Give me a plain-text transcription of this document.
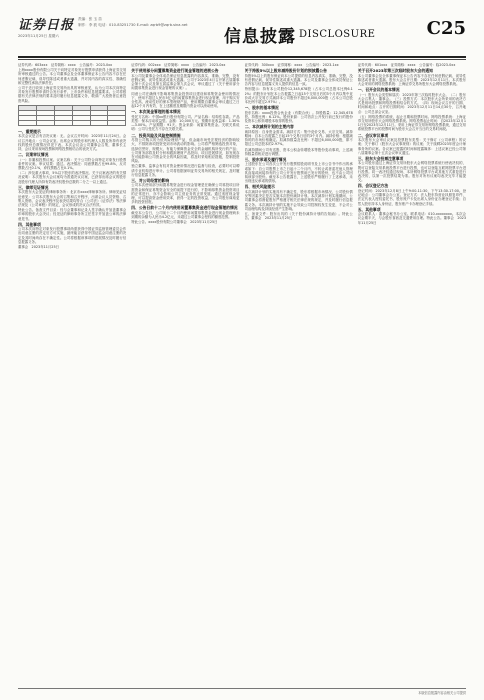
证券日报
2023年11月25日 星期六
责编：张 玉 苗
制作：李 波 电话：010-83251730 E-mail: zqrb9@zqrb.sina.net
信息披露 DISCLOSURE	C25

证券代码：603xxx　证券简称：xxxx　公告编号：2023-0xx

上海xxxx股份有限公司关于向特定对象发行股票申请获得上海证券交易所审核通过的公告。本公司董事会及全体董事保证本公告内容不存在任何虚假记载、误导性陈述或者重大遗漏，并对其内容的真实性、准确性和完整性承担法律责任。

公司于近日收到上海证券交易所出具的审核意见，认为公司本次向特定对象发行股票申请符合发行条件、上市条件和信息披露要求。公司将根据有关法律法规的要求及时履行信息披露义务，敬请广大投资者注意投资风险。

一、重要提示

本次会议是否有否决议案：无。会议召开时间：2023年11月24日。会议召开地点：公司会议室。出席会议的股东和代理人人数及所持有表决权的股份总数情况详见下表。本次会议由公司董事会召集，董事长主持，会议采用现场投票和网络投票相结合的表决方式。

二、议案审议情况

（一）非累积投票议案。议案名称：关于公司符合向特定对象发行股票条件的议案。审议结果：通过。表决情况：同意票数占比99.8%，反对票数占比0.1%，弃权票数占比0.1%。

（二）涉及重大事项，5%以下股东的表决情况。关于议案表决的有关情况说明：本次股东大会议案均为普通决议议案，已获得出席会议的股东及股东代理人所持有效表决权股份总数的二分之一以上通过。

三、律师见证情况

本次股东大会见证的律师事务所：北京市xxxx律师事务所。律师见证结论意见：公司本次股东大会的召集和召开程序、出席会议人员资格、召集人资格、会议表决程序及表决结果均符合《公司法》《证券法》等法律法规及《公司章程》的规定，会议形成的决议合法有效。

特此公告。备查文件目录：经与会董事和记录人签字确认并加盖董事会印章的股东大会决议；经见证的律师事务所主任签字并加盖公章的法律意见书。

四、其他事项

公司本次向特定对象发行股票事项尚需获得中国证券监督管理委员会作出同意注册的决定后方可实施，最终能否获得中国证监会同意注册的决定及其时间尚存在不确定性。公司将根据该事项的进展情况及时履行信息披露义务。

董事会　2023年11月25日

证券代码：002xxx　证券简称：xxxx　公告编号：2023-0xx

关于使用部分闲置募集资金进行现金管理的进展公告

本公司及董事会全体成员保证信息披露的内容真实、准确、完整，没有虚假记载、误导性陈述或重大遗漏。公司于2023年4月召开第五届董事会第十次会议及第五届监事会第九次会议，审议通过了《关于使用部分闲置募集资金进行现金管理的议案》。

同意公司在确保不影响募集资金投资项目建设和募集资金使用的情况下，使用不超过人民币5亿元的闲置募集资金进行现金管理，用于购买安全性高、流动性好的保本型理财产品，使用期限自董事会审议通过之日起12个月内有效，在上述额度及期限内资金可以滚动使用。

一、本次现金管理的基本情况

受托方名称：中国xx银行股份有限公司。产品名称：结构性存款。产品类型：保本浮动收益型。金额：10,000万元。预期年化收益率：1.30%—3.00%。产品期限：91天。资金来源：闲置募集资金。关联关系说明：公司与受托方不存在关联关系。

二、投资风险及风险控制措施

尽管公司购买的为低风险理财产品，但金融市场受宏观经济的影响较大，不排除该项投资受到市场波动的影响。公司将严格筛选投资对象，选择信誉好、规模大、有能力保障资金安全的金融机构所发行的产品；公司财务部将及时分析和跟踪理财产品投向、项目进展情况，如发现存在可能影响公司资金安全的风险因素，将及时采取相应措施，控制投资风险。

独立董事、监事会有权对资金使用情况进行监督与检查，必要时可以聘请专业机构进行审计。公司将依据深圳证券交易所的相关规定，及时履行信息披露义务。

三、对公司经营的影响

公司本次使用部分闲置募集资金进行现金管理是在确保公司募投项目所需资金和保证募集资金安全的前提下进行的，不影响募集资金投资项目的正常进行，亦不会影响公司主营业务的正常发展。通过适度现金管理，可以提高资金使用效率，获得一定的投资收益，为公司股东谋取更多的投资回报。

四、公告日前十二个月内使用闲置募集资金进行现金管理的情况

截至本公告日，公司前十二个月内使用闲置募集资金进行现金管理尚未到期的余额为人民币4.2亿元，未超过公司董事会授权的额度范围。

特此公告。xxxx股份有限公司董事会　2023年11月25日

证券代码：300xxx　证券简称：xxxx　公告编号：2023-1xx

关于持股5%以上股东减持股份计划的预披露公告

持股5%以上的股东保证向本公司提供的信息内容真实、准确、完整，没有虚假记载、误导性陈述或重大遗漏。本公司及董事会全体成员保证公告内容与信息披露义务人提供的信息一致。

特别提示：持有本公司股份12,345,678股（占本公司总股本比例6.12%）的股东计划在本公告披露之日起15个交易日后的3个月内以集中竞价或大宗交易方式减持本公司股份不超过6,000,000股（占本公司总股本比例不超过2.97%）。

一、股东的基本情况

股东名称：xxxx投资合伙企业（有限合伙）。持股数量：12,345,678股。持股比例：6.12%。股份来源：公司首次公开发行前已发行的股份及资本公积转增股本取得的股份。

二、本次减持计划的主要内容

减持原因：自身资金需求。减持方式：集中竞价交易、大宗交易。减持期间：自本公告披露之日起15个交易日后的3个月内。减持价格：根据减持时的市场价格确定。拟减持数量及比例：不超过6,000,000股，即不超过公司总股本的2.97%。

若减持期间公司有送股、资本公积金转增股本等股份变动事项，上述减持数量将相应进行调整。

三、股东承诺及履行情况

上述股东在公司首次公开发行股票招股说明书及上市公告书中作出的承诺如下：自公司股票上市之日起十二个月内，不转让或者委托他人管理其直接或间接持有的公司公开发行股票前已发行的股份，也不由公司回购该部分股份。截至本公告披露日，上述股东严格履行了上述承诺，未出现违反承诺的情形。

四、相关风险提示

本次减持计划的实施具有不确定性，股东将根据市场情况、公司股价情况等因素决定是否实施本次股份减持计划。本次减持计划实施期间，公司董事会将督促股东严格遵守相关法律法规的规定，并及时履行信息披露义务。本次减持计划的实施不会导致公司控制权发生变更，不会对公司治理结构及持续经营产生影响。

五、备查文件：股东出具的《关于股份减持计划的告知函》。特此公告。董事会　2023年11月25日

证券代码：601xxx　证券简称：xxxx　公告编号：临2023-0xx

关于召开2023年第三次临时股东大会的通知

本公司董事会及全体董事保证本公告内容不存在任何虚假记载、误导性陈述或者重大遗漏。股东大会召开日期：2023年12月11日。本次股东大会采用的网络投票系统：上海证券交易所股东大会网络投票系统。

一、召开会议的基本情况

（一）股东大会类型和届次：2023年第三次临时股东大会。（二）股东大会召集人：董事会。（三）投票方式：本次股东大会所采用的表决方式是现场投票和网络投票相结合的方式。（四）现场会议召开的日期、时间和地点：召开的日期时间：2023年12月11日14点30分，召开地点：公司总部会议室。

（五）网络投票的系统、起止日期和投票时间。网络投票系统：上海证券交易所股东大会网络投票系统。网络投票起止时间：自2023年12月11日至2023年12月11日。采用上海证券交易所网络投票系统，通过交易系统投票平台的投票时间为股东大会召开当日的交易时间段。

二、会议审议事项

本次股东大会审议议案及投票股东类型：关于修订《公司章程》的议案；关于修订《股东大会议事规则》的议案；关于续聘2023年度会计师事务所的议案。各议案已披露的时间和披露媒体：上述议案已经公司第八届董事会第十五次会议审议通过。

三、股东大会投票注意事项

本公司股东通过上海证券交易所股东大会网络投票系统行使表决权的，既可以登陆交易系统投票平台进行投票，也可以登陆互联网投票平台进行投票。同一表决权通过现场、本所网络投票平台或其他方式重复进行表决的，以第一次投票结果为准。股东对所有议案均表决完毕才能提交。

四、会议登记方法

登记时间：2023年12月8日上午9:00-11:30，下午13:30-17:00。登记地点：公司董事会办公室。登记方式：法人股东持营业执照复印件、法定代表人授权委托书、股东账户卡及出席人身份证办理登记手续；自然人股东持本人身份证、股东账户卡办理登记手续。

五、其他事项

会议联系人：董事会秘书办公室。联系电话：010-xxxxxxxx。本次会议会期半天，与会股东食宿及交通费用自理。特此公告。董事会　2023年11月25日

本版信息披露内容由相关公司提供
